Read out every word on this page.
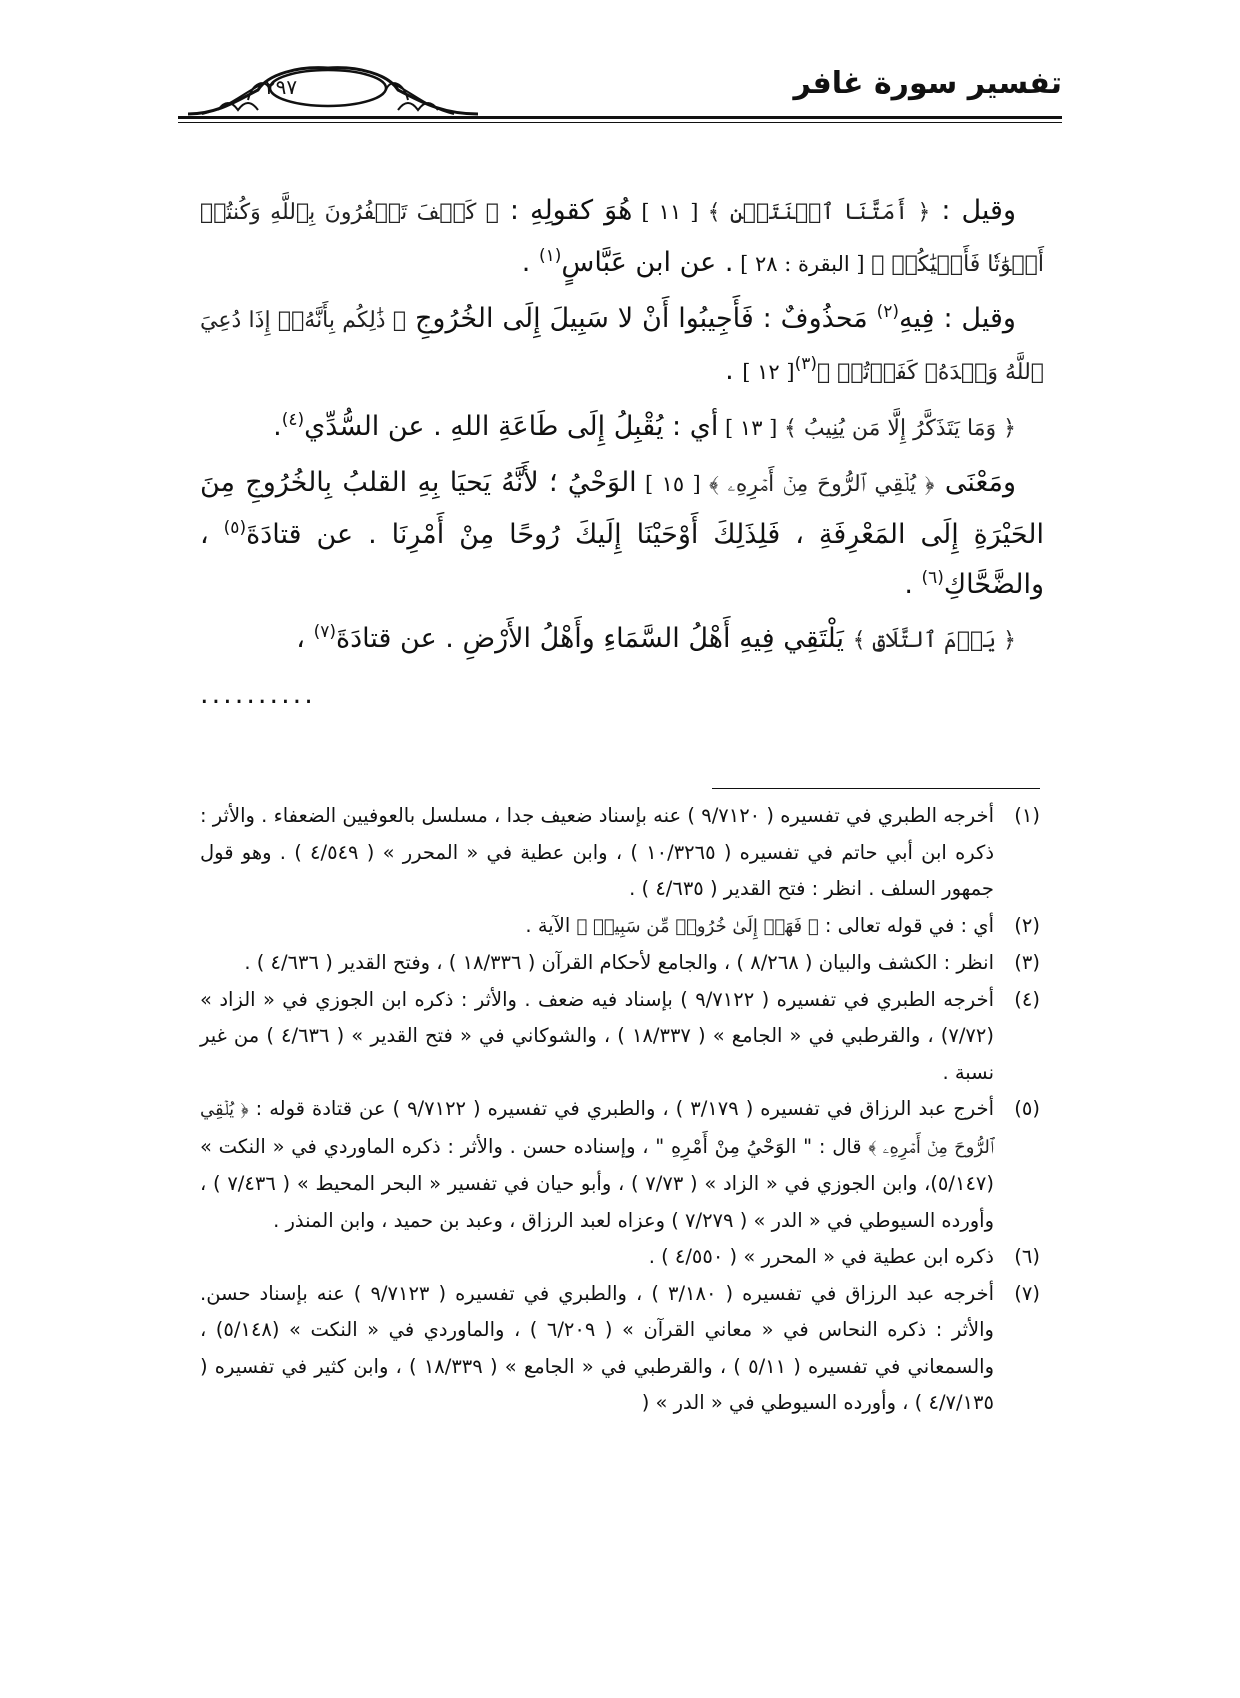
تفسير سورة غافر
٢٩٧

وقيل : ﴿ أَمَتَّنَا ٱثۡنَتَيۡنِ ﴾ [ ١١ ] هُوَ كقولِهِ : ﴿ كَيۡفَ تَكۡفُرُونَ بِٱللَّهِ وَكُنتُمۡ أَمۡوَٰتٗا فَأَحۡيَٰكُمۡ ﴾ [ البقرة : ٢٨ ] . عن ابن عَبَّاسٍ$^{(١)}$ .

وقيل : فِيهِ$^{(٢)}$ مَحذُوفٌ : فَأَجِيبُوا أَنْ لا سَبِيلَ إِلَى الخُرُوجِ ﴿ ذَٰلِكُم بِأَنَّهُۥٓ إِذَا دُعِيَ ٱللَّهُ وَحۡدَهُۥ كَفَرۡتُمۡ ﴾$^{(٣)}$[ ١٢ ] .

﴿ وَمَا يَتَذَكَّرُ إِلَّا مَن يُنِيبُ ﴾ [ ١٣ ] أي : يُقْبِلُ إِلَى طَاعَةِ اللهِ . عن السُّدِّي$^{(٤)}$.

ومَعْنَى ﴿ يُلۡقِي ٱلرُّوحَ مِنۡ أَمۡرِهِۦ ﴾ [ ١٥ ] الوَحْيُ ؛ لأَنَّهُ يَحيَا بِهِ القلبُ بِالخُرُوجِ مِنَ الحَيْرَةِ إِلَى المَعْرِفَةِ ، فَلِذَلِكَ أَوْحَيْنَا إِلَيكَ رُوحًا مِنْ أَمْرِنَا . عن قتادَةَ$^{(٥)}$ ، والضَّحَّاكِ$^{(٦)}$ .

﴿ يَوۡمَ ٱلتَّلَاقِ ﴾ يَلْتَقِي فِيهِ أَهْلُ السَّمَاءِ وأَهْلُ الأَرْضِ . عن قتادَةَ$^{(٧)}$ ،

..........

(١)
أخرجه الطبري في تفسيره ( ٩/٧١٢٠ ) عنه بإسناد ضعيف جدا ، مسلسل بالعوفيين الضعفاء . والأثر : ذكره ابن أبي حاتم في تفسيره ( ١٠/٣٢٦٥ ) ، وابن عطية في « المحرر » ( ٤/٥٤٩ ) . وهو قول جمهور السلف . انظر : فتح القدير ( ٤/٦٣٥ ) .
(٢)
أي : في قوله تعالى : ﴿ فَهَلۡ إِلَىٰ خُرُوجٖ مِّن سَبِيلٖ ﴾ الآية .
(٣)
انظر : الكشف والبيان ( ٨/٢٦٨ ) ، والجامع لأحكام القرآن ( ١٨/٣٣٦ ) ، وفتح القدير ( ٤/٦٣٦ ) .
(٤)
أخرجه الطبري في تفسيره ( ٩/٧١٢٢ ) بإسناد فيه ضعف . والأثر : ذكره ابن الجوزي في « الزاد » (٧/٧٢) ، والقرطبي في « الجامع » ( ١٨/٣٣٧ ) ، والشوكاني في « فتح القدير » ( ٤/٦٣٦ ) من غير نسبة .
(٥)
أخرج عبد الرزاق في تفسيره ( ٣/١٧٩ ) ، والطبري في تفسيره ( ٩/٧١٢٢ ) عن قتادة قوله : ﴿ يُلۡقِي ٱلرُّوحَ مِنۡ أَمۡرِهِۦ ﴾ قال : " الوَحْيُ مِنْ أَمْرِهِ " ، وإسناده حسن . والأثر : ذكره الماوردي في « النكت » (٥/١٤٧)، وابن الجوزي في « الزاد » ( ٧/٧٣ ) ، وأبو حيان في تفسير « البحر المحيط » ( ٧/٤٣٦ ) ، وأورده السيوطي في « الدر » ( ٧/٢٧٩ ) وعزاه لعبد الرزاق ، وعبد بن حميد ، وابن المنذر .
(٦)
ذكره ابن عطية في « المحرر » ( ٤/٥٥٠ ) .
(٧)
أخرجه عبد الرزاق في تفسيره ( ٣/١٨٠ ) ، والطبري في تفسيره ( ٩/٧١٢٣ ) عنه بإسناد حسن. والأثر : ذكره النحاس في « معاني القرآن » ( ٦/٢٠٩ ) ، والماوردي في « النكت » (٥/١٤٨) ، والسمعاني في تفسيره ( ٥/١١ ) ، والقرطبي في « الجامع » ( ١٨/٣٣٩ ) ، وابن كثير في تفسيره ( ٤/٧/١٣٥ ) ، وأورده السيوطي في « الدر » (
